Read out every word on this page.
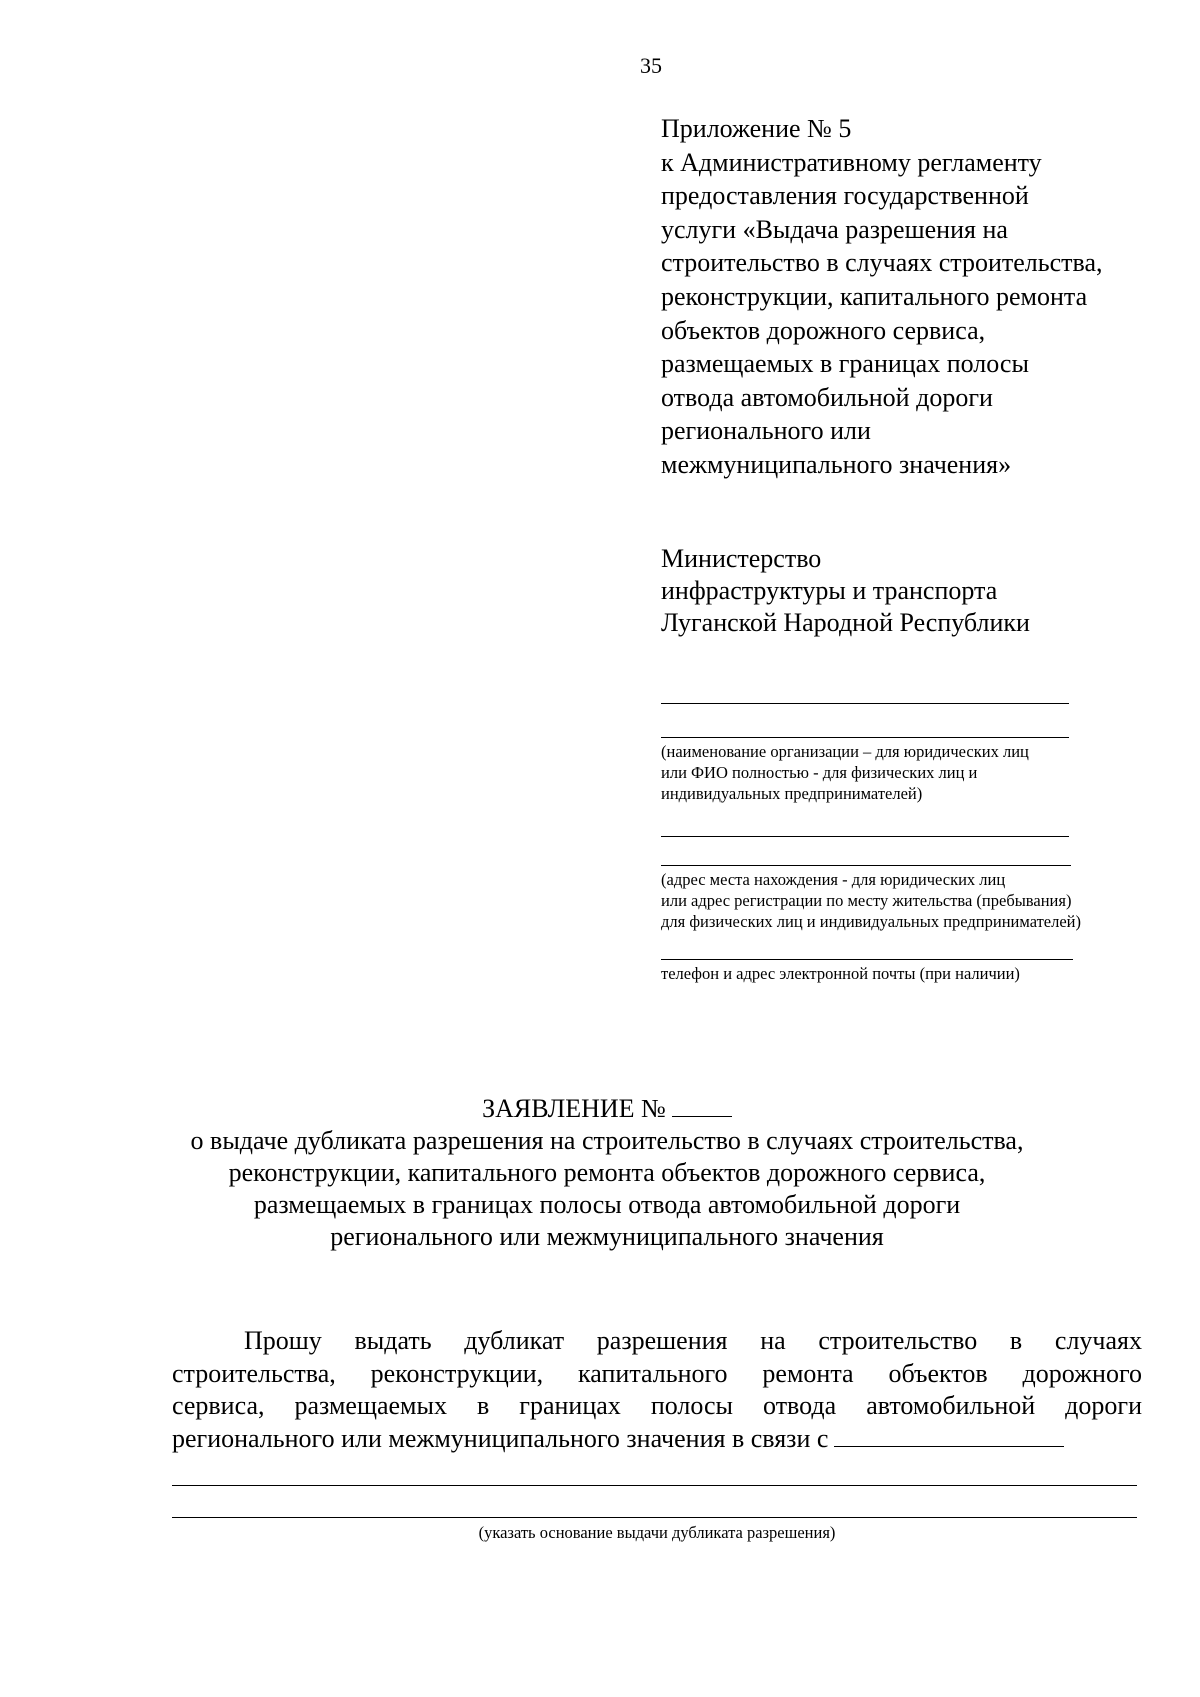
35
Приложение № 5
к Административному регламенту
предоставления государственной
услуги «Выдача разрешения на
строительство в случаях строительства,
реконструкции, капитального ремонта
объектов дорожного сервиса,
размещаемых в границах полосы
отвода автомобильной дороги
регионального или
межмуниципального значения»
Министерство
инфраструктуры и транспорта
Луганской Народной Республики
(наименование организации – для юридических лиц
или ФИО полностью - для физических лиц и
индивидуальных предпринимателей)
(адрес места нахождения - для юридических лиц
или адрес регистрации по месту жительства (пребывания)
для физических лиц и индивидуальных предпринимателей)
телефон и адрес электронной почты (при наличии)
ЗАЯВЛЕНИЕ №
о выдаче дубликата разрешения на строительство в случаях строительства,
реконструкции, капитального ремонта объектов дорожного сервиса,
размещаемых в границах полосы отвода автомобильной дороги
регионального или межмуниципального значения
Прошу выдать дубликат разрешения на строительство в случаях
строительства, реконструкции, капитального ремонта объектов дорожного
сервиса, размещаемых в границах полосы отвода автомобильной дороги
регионального или межмуниципального значения в связи с
(указать основание выдачи дубликата разрешения)
